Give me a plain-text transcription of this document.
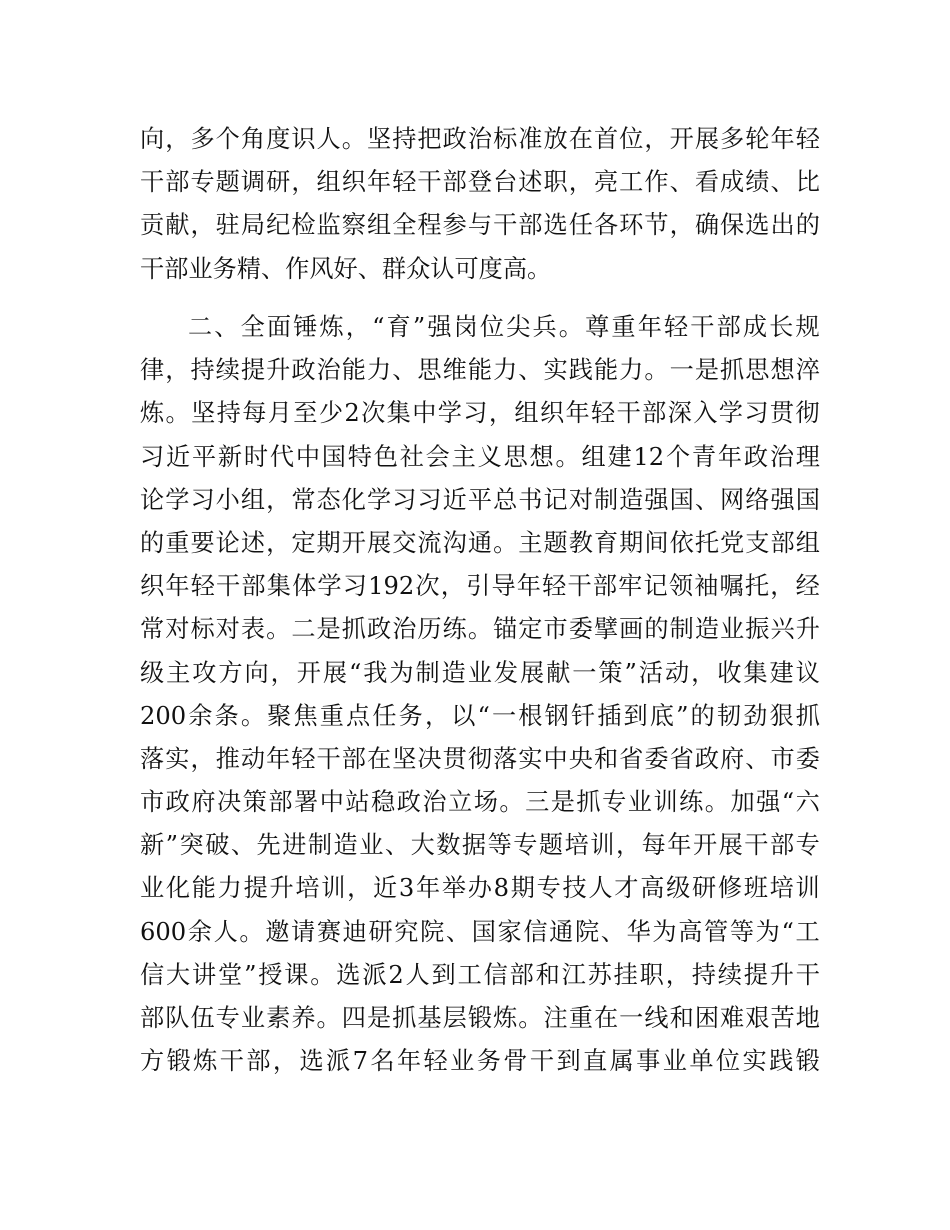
向 ， 多 个 角 度 识 人 。 坚 持 把 政 治 标 准 放 在 首 位 ， 开 展 多 轮 年 轻
干 部 专 题 调 研 ， 组 织 年 轻 干 部 登 台 述 职 ， 亮 工 作 、 看 成 绩 、 比
贡 献 ， 驻 局 纪 检 监 察 组 全 程 参 与 干 部 选 任 各 环 节 ， 确 保 选 出 的
干部业务精、作风好、群众认可度高。
二 、 全 面 锤 炼 ， “ 育 ” 强 岗 位 尖 兵 。 尊 重 年 轻 干 部 成 长 规
律 ， 持 续 提 升 政 治 能 力 、 思 维 能 力 、 实 践 能 力 。 一 是 抓 思 想 淬
炼 。 坚 持 每 月 至 少 2 次 集 中 学 习 ， 组 织 年 轻 干 部 深 入 学 习 贯 彻
习 近 平 新 时 代 中 国 特 色 社 会 主 义 思 想 。 组 建 12 个 青 年 政 治 理
论 学 习 小 组 ， 常 态 化 学 习 习 近 平 总 书 记 对 制 造 强 国 、 网 络 强 国
的 重 要 论 述 ， 定 期 开 展 交 流 沟 通 。 主 题 教 育 期 间 依 托 党 支 部 组
织 年 轻 干 部 集 体 学 习 192 次 ， 引 导 年 轻 干 部 牢 记 领 袖 嘱 托 ， 经
常 对 标 对 表 。 二 是 抓 政 治 历 练 。 锚 定 市 委 擘 画 的 制 造 业 振 兴 升
级 主 攻 方 向 ， 开 展 “ 我 为 制 造 业 发 展 献 一 策 ” 活 动 ， 收 集 建 议
200 余 条 。 聚 焦 重 点 任 务 ， 以 “ 一 根 钢 钎 插 到 底 ” 的 韧 劲 狠 抓
落 实 ， 推 动 年 轻 干 部 在 坚 决 贯 彻 落 实 中 央 和 省 委 省 政 府 、 市 委
市 政 府 决 策 部 署 中 站 稳 政 治 立 场 。 三 是 抓 专 业 训 练 。 加 强 “ 六
新 ” 突 破 、 先 进 制 造 业 、 大 数 据 等 专 题 培 训 ， 每 年 开 展 干 部 专
业 化 能 力 提 升 培 训 ， 近 3 年 举 办 8 期 专 技 人 才 高 级 研 修 班 培 训
600 余 人 。 邀 请 赛 迪 研 究 院 、 国 家 信 通 院 、 华 为 高 管 等 为 “ 工
信 大 讲 堂 ” 授 课 。 选 派 2 人 到 工 信 部 和 江 苏 挂 职 ， 持 续 提 升 干
部 队 伍 专 业 素 养 。 四 是 抓 基 层 锻 炼 。 注 重 在 一 线 和 困 难 艰 苦 地
方 锻 炼 干 部 ， 选 派 7 名 年 轻 业 务 骨 干 到 直 属 事 业 单 位 实 践 锻
